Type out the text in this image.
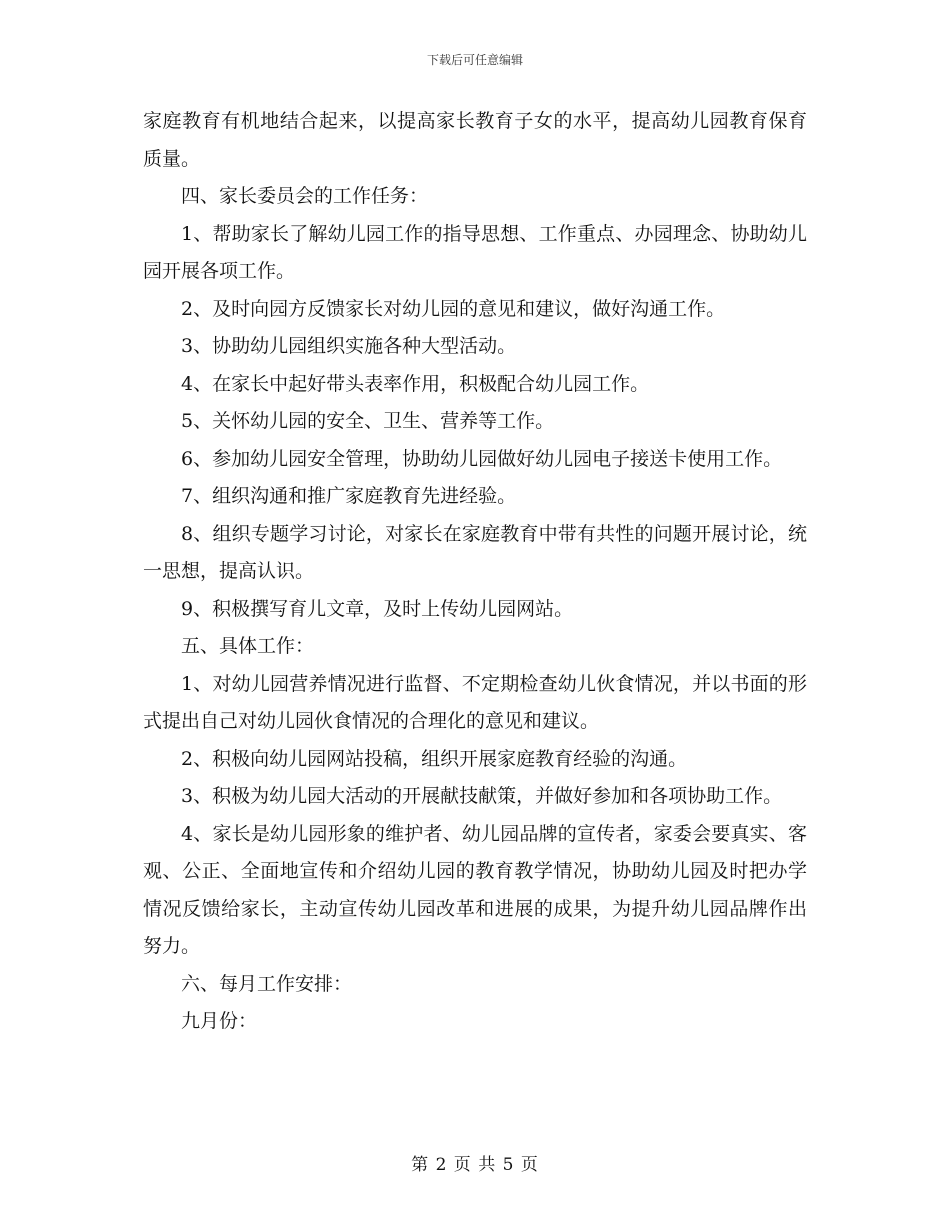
下载后可任意编辑

家庭教育有机地结合起来，以提高家长教育子女的水平，提高幼儿园教育保育质量。

四、家长委员会的工作任务：

1、帮助家长了解幼儿园工作的指导思想、工作重点、办园理念、协助幼儿园开展各项工作。

2、及时向园方反馈家长对幼儿园的意见和建议，做好沟通工作。

3、协助幼儿园组织实施各种大型活动。

4、在家长中起好带头表率作用，积极配合幼儿园工作。

5、关怀幼儿园的安全、卫生、营养等工作。

6、参加幼儿园安全管理，协助幼儿园做好幼儿园电子接送卡使用工作。

7、组织沟通和推广家庭教育先进经验。

8、组织专题学习讨论，对家长在家庭教育中带有共性的问题开展讨论，统一思想，提高认识。

9、积极撰写育儿文章，及时上传幼儿园网站。

五、具体工作：

1、对幼儿园营养情况进行监督、不定期检查幼儿伙食情况，并以书面的形式提出自己对幼儿园伙食情况的合理化的意见和建议。

2、积极向幼儿园网站投稿，组织开展家庭教育经验的沟通。

3、积极为幼儿园大活动的开展献技献策，并做好参加和各项协助工作。

4、家长是幼儿园形象的维护者、幼儿园品牌的宣传者，家委会要真实、客观、公正、全面地宣传和介绍幼儿园的教育教学情况，协助幼儿园及时把办学情况反馈给家长，主动宣传幼儿园改革和进展的成果，为提升幼儿园品牌作出努力。

六、每月工作安排：

九月份：

第 2 页 共 5 页
